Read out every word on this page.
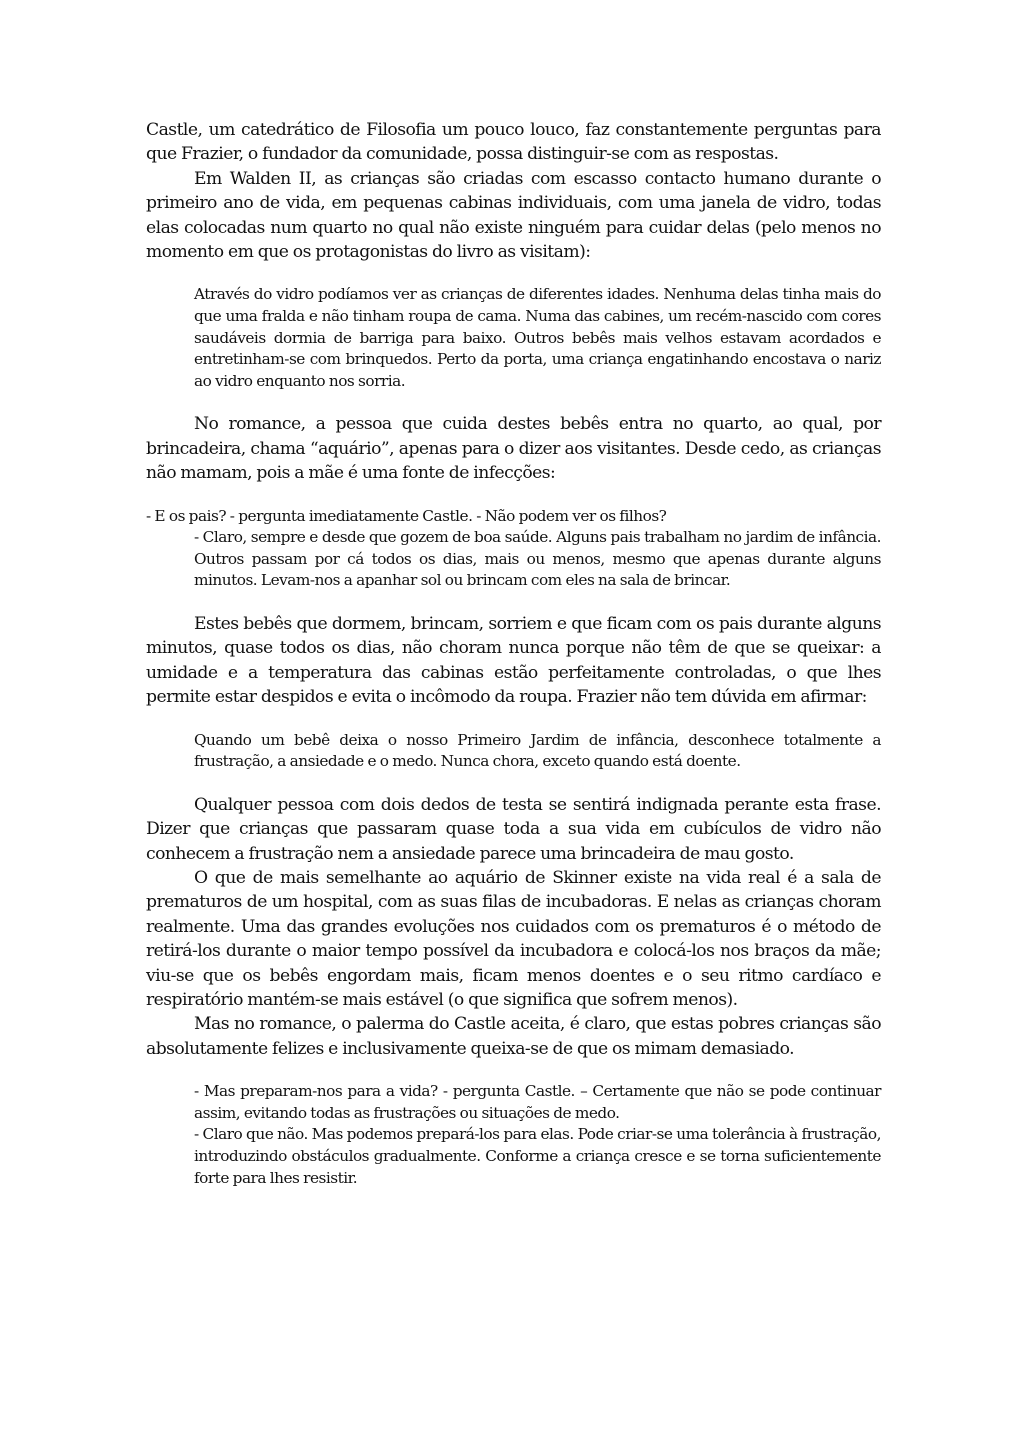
Castle, um catedrático de Filosofia um pouco louco, faz constantemente perguntas para que Frazier, o fundador da comunidade, possa distinguir-se com as respostas.

Em Walden II, as crianças são criadas com escasso contacto humano durante o primeiro ano de vida, em pequenas cabinas individuais, com uma janela de vidro, todas elas colocadas num quarto no qual não existe ninguém para cuidar delas (pelo menos no momento em que os protagonistas do livro as visitam):

Através do vidro podíamos ver as crianças de diferentes idades. Nenhuma delas tinha mais do que uma fralda e não tinham roupa de cama. Numa das cabines, um recém-nascido com cores saudáveis dormia de barriga para baixo. Outros bebês mais velhos estavam acordados e entretinham-se com brinquedos. Perto da porta, uma criança engatinhando encostava o nariz ao vidro enquanto nos sorria.

No romance, a pessoa que cuida destes bebês entra no quarto, ao qual, por brincadeira, chama “aquário”, apenas para o dizer aos visitantes. Desde cedo, as crianças não mamam, pois a mãe é uma fonte de infecções:

- E os pais? - pergunta imediatamente Castle. - Não podem ver os filhos?

- Claro, sempre e desde que gozem de boa saúde. Alguns pais trabalham no jardim de infância. Outros passam por cá todos os dias, mais ou menos, mesmo que apenas durante alguns minutos. Levam-nos a apanhar sol ou brincam com eles na sala de brincar.

Estes bebês que dormem, brincam, sorriem e que ficam com os pais durante alguns minutos, quase todos os dias, não choram nunca porque não têm de que se queixar: a umidade e a temperatura das cabinas estão perfeitamente controladas, o que lhes permite estar despidos e evita o incômodo da roupa. Frazier não tem dúvida em afirmar:

Quando um bebê deixa o nosso Primeiro Jardim de infância, desconhece totalmente a frustração, a ansiedade e o medo. Nunca chora, exceto quando está doente.

Qualquer pessoa com dois dedos de testa se sentirá indignada perante esta frase. Dizer que crianças que passaram quase toda a sua vida em cubículos de vidro não conhecem a frustração nem a ansiedade parece uma brincadeira de mau gosto.

O que de mais semelhante ao aquário de Skinner existe na vida real é a sala de prematuros de um hospital, com as suas filas de incubadoras. E nelas as crianças choram realmente. Uma das grandes evoluções nos cuidados com os prematuros é o método de retirá-los durante o maior tempo possível da incubadora e colocá-los nos braços da mãe; viu-se que os bebês engordam mais, ficam menos doentes e o seu ritmo cardíaco e respiratório mantém-se mais estável (o que significa que sofrem menos).

Mas no romance, o palerma do Castle aceita, é claro, que estas pobres crianças são absolutamente felizes e inclusivamente queixa-se de que os mimam demasiado.

- Mas preparam-nos para a vida? - pergunta Castle. – Certamente que não se pode continuar assim, evitando todas as frustrações ou situações de medo.

- Claro que não. Mas podemos prepará-los para elas. Pode criar-se uma tolerância à frustração, introduzindo obstáculos gradualmente. Conforme a criança cresce e se torna suficientemente forte para lhes resistir.
